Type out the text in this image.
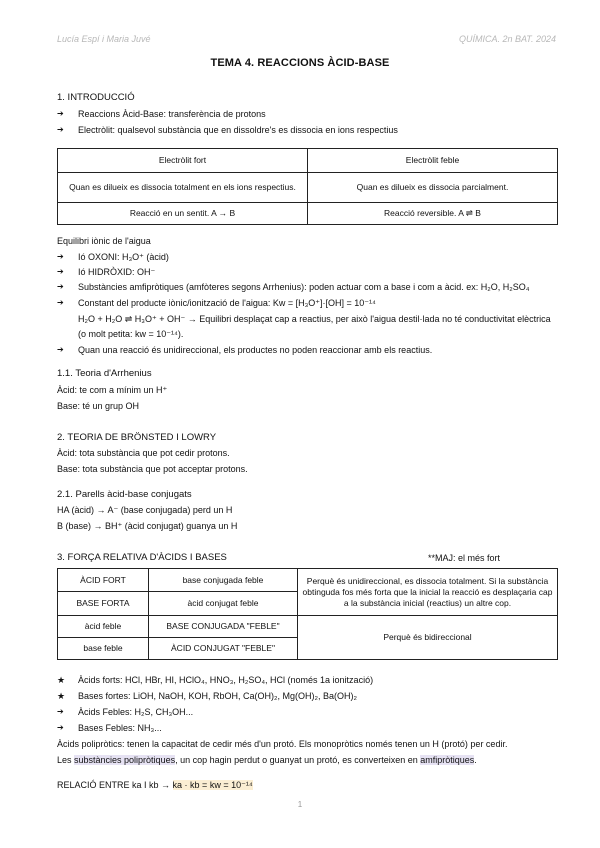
Lucía Espí i Maria Juvé	QUÍMICA. 2n BAT. 2024
TEMA 4. REACCIONS ÀCID-BASE
1. INTRODUCCIÓ
➔ Reaccions Àcid-Base: transferència de protons
➔ Electròlit: qualsevol substància que en dissoldre's es dissocia en ions respectius
Electròlit fort	Electròlit feble
Quan es dilueix es dissocia totalment en els ions respectius.	Quan es dilueix es dissocia parcialment.
Reacció en un sentit. A → B	Reacció reversible. A ⇌ B
Equilibri iònic de l'aigua
➔ Ió OXONI: H₃O⁺ (àcid)
➔ Ió HIDRÒXID: OH⁻
➔ Substàncies amfipròtiques (amfòteres segons Arrhenius): poden actuar com a base i com a àcid. ex: H₂O, H₂SO₄
➔ Constant del producte iònic/ionització de l'aigua: Kw = [H₃O⁺]·[OH] = 10⁻¹⁴
H₂O + H₂O ⇌ H₃O⁺ + OH⁻ → Equilibri desplaçat cap a reactius, per això l'aigua destil·lada no té conductivitat elèctrica
(o molt petita: kw = 10⁻¹⁴).
➔ Quan una reacció és unidireccional, els productes no poden reaccionar amb els reactius.
1.1. Teoria d'Arrhenius
Àcid: te com a mínim un H⁺
Base: té un grup OH
2. TEORIA DE BRÖNSTED I LOWRY
Àcid: tota substància que pot cedir protons.
Base: tota substància que pot acceptar protons.
2.1. Parells àcid-base conjugats
HA (àcid) → A⁻ (base conjugada) perd un H
B (base) → BH⁺ (àcid conjugat) guanya un H
3. FORÇA RELATIVA D'ÀCIDS I BASES	**MAJ: el més fort
ÀCID FORT	base conjugada feble	Perquè és unidireccional, es dissocia totalment. Si la substància obtinguda fos més forta que la inicial la reacció es desplaçaria cap a la substància inicial (reactius) un altre cop.
BASE FORTA	àcid conjugat feble	
àcid feble	BASE CONJUGADA "FEBLE"	Perquè és bidireccional
base feble	ÀCID CONJUGAT "FEBLE"	
★ Àcids forts: HCl, HBr, HI, HClO₄, HNO₃, H₂SO₄, HCl (només 1a ionització)
★ Bases fortes: LiOH, NaOH, KOH, RbOH, Ca(OH)₂, Mg(OH)₂, Ba(OH)₂
➔ Àcids Febles: H₂S, CH₃OH...
➔ Bases Febles: NH₃...
Àcids polipròtics: tenen la capacitat de cedir més d'un protó. Els monopròtics només tenen un H (protó) per cedir.
Les substàncies polipròtiques, un cop hagin perdut o guanyat un protó, es converteixen en amfipròtiques.
RELACIÓ ENTRE ka I kb → ka · kb = kw = 10⁻¹⁴
1
